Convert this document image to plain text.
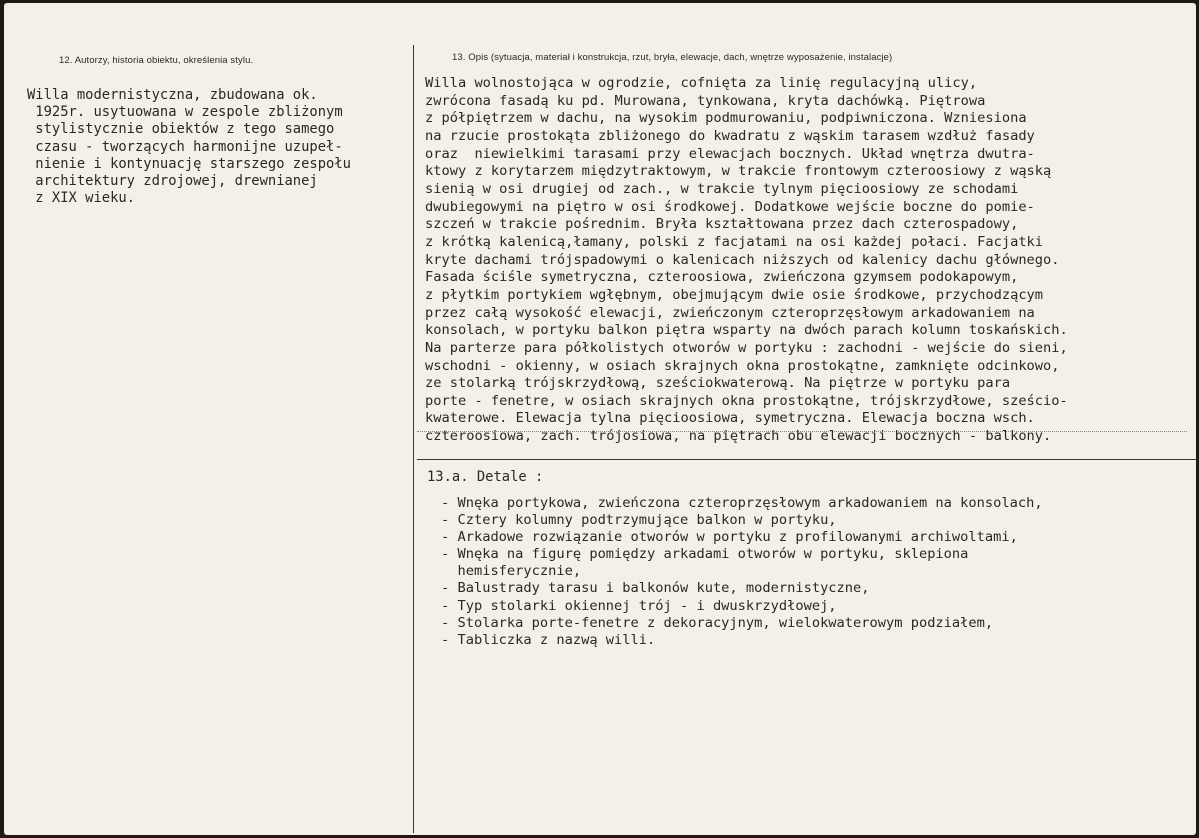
12. Autorzy, historia obiektu, określenia stylu.	13. Opis (sytuacja, materiał i konstrukcja, rzut, bryła, elewacje, dach, wnętrze wyposażenie, instalacje)
Willa modernistyczna, zbudowana ok.
1925r. usytuowana w zespole zbliżonym
stylistycznie obiektów z tego samego
czasu - tworzących harmonijne uzupeł-
nienie i kontynuację starszego zespołu
architektury zdrojowej, drewnianej
z XIX wieku.
Willa wolnostojąca w ogrodzie, cofnięta za linię regulacyjną ulicy,
zwrócona fasadą ku pd. Murowana, tynkowana, kryta dachówką. Piętrowa
z półpiętrzem w dachu, na wysokim podmurowaniu, podpiwniczona. Wzniesiona
na rzucie prostokąta zbliżonego do kwadratu z wąskim tarasem wzdłuż fasady
oraz  niewielkimi tarasami przy elewacjach bocznych. Układ wnętrza dwutra-
ktowy z korytarzem międzytraktowym, w trakcie frontowym czteroosiowy z wąską
sienią w osi drugiej od zach., w trakcie tylnym pięcioosiowy ze schodami
dwubiegowymi na piętro w osi środkowej. Dodatkowe wejście boczne do pomie-
szczeń w trakcie pośrednim. Bryła kształtowana przez dach czterospadowy,
z krótką kalenicą,łamany, polski z facjatami na osi każdej połaci. Facjatki
kryte dachami trójspadowymi o kalenicach niższych od kalenicy dachu głównego.
Fasada ściśle symetryczna, czteroosiowa, zwieńczona gzymsem podokapowym,
z płytkim portykiem wgłębnym, obejmującym dwie osie środkowe, przychodzącym
przez całą wysokość elewacji, zwieńczonym czteroprzęsłowym arkadowaniem na
konsolach, w portyku balkon piętra wsparty na dwóch parach kolumn toskańskich.
Na parterze para półkolistych otworów w portyku : zachodni - wejście do sieni,
wschodni - okienny, w osiach skrajnych okna prostokątne, zamknięte odcinkowo,
ze stolarką trójskrzydłową, sześciokwaterową. Na piętrze w portyku para
porte - fenetre, w osiach skrajnych okna prostokątne, trójskrzydłowe, sześcio-
kwaterowe. Elewacja tylna pięcioosiowa, symetryczna. Elewacja boczna wsch.
czteroosiowa, zach. trójosiowa, na piętrach obu elewacji bocznych - balkony.
13.a. Detale :
- Wnęka portykowa, zwieńczona czteroprzęsłowym arkadowaniem na konsolach,
- Cztery kolumny podtrzymujące balkon w portyku,
- Arkadowe rozwiązanie otworów w portyku z profilowanymi archiwoltami,
- Wnęka na figurę pomiędzy arkadami otworów w portyku, sklepiona
hemisferycznie,
- Balustrady tarasu i balkonów kute, modernistyczne,
- Typ stolarki okiennej trój - i dwuskrzydłowej,
- Stolarka porte-fenetre z dekoracyjnym, wielokwaterowym podziałem,
- Tabliczka z nazwą willi.
